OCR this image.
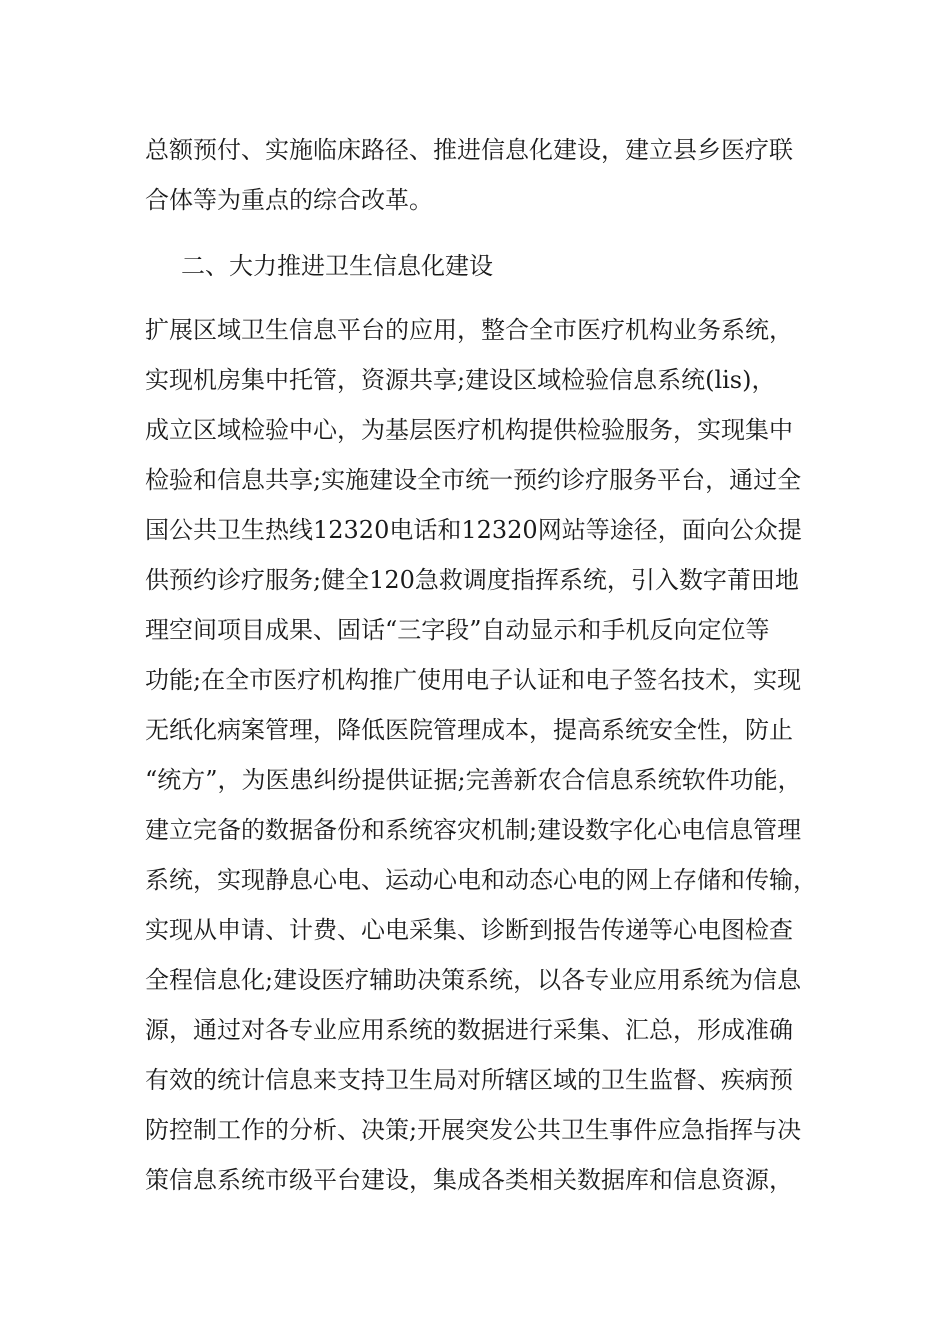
总额预付、实施临床路径、推进信息化建设，建立县乡医疗联
合体等为重点的综合改革。
二、大力推进卫生信息化建设
扩展区域卫生信息平台的应用，整合全市医疗机构业务系统，
实现机房集中托管，资源共享;建设区域检验信息系统(lis)，
成立区域检验中心，为基层医疗机构提供检验服务，实现集中
检验和信息共享;实施建设全市统一预约诊疗服务平台，通过全
国公共卫生热线12320电话和12320网站等途径，面向公众提
供预约诊疗服务;健全120急救调度指挥系统，引入数字莆田地
理空间项目成果、固话“三字段”自动显示和手机反向定位等
功能;在全市医疗机构推广使用电子认证和电子签名技术，实现
无纸化病案管理，降低医院管理成本，提高系统安全性，防止
“统方”，为医患纠纷提供证据;完善新农合信息系统软件功能，
建立完备的数据备份和系统容灾机制;建设数字化心电信息管理
系统，实现静息心电、运动心电和动态心电的网上存储和传输，
实现从申请、计费、心电采集、诊断到报告传递等心电图检查
全程信息化;建设医疗辅助决策系统，以各专业应用系统为信息
源，通过对各专业应用系统的数据进行采集、汇总，形成准确
有效的统计信息来支持卫生局对所辖区域的卫生监督、疾病预
防控制工作的分析、决策;开展突发公共卫生事件应急指挥与决
策信息系统市级平台建设，集成各类相关数据库和信息资源，
